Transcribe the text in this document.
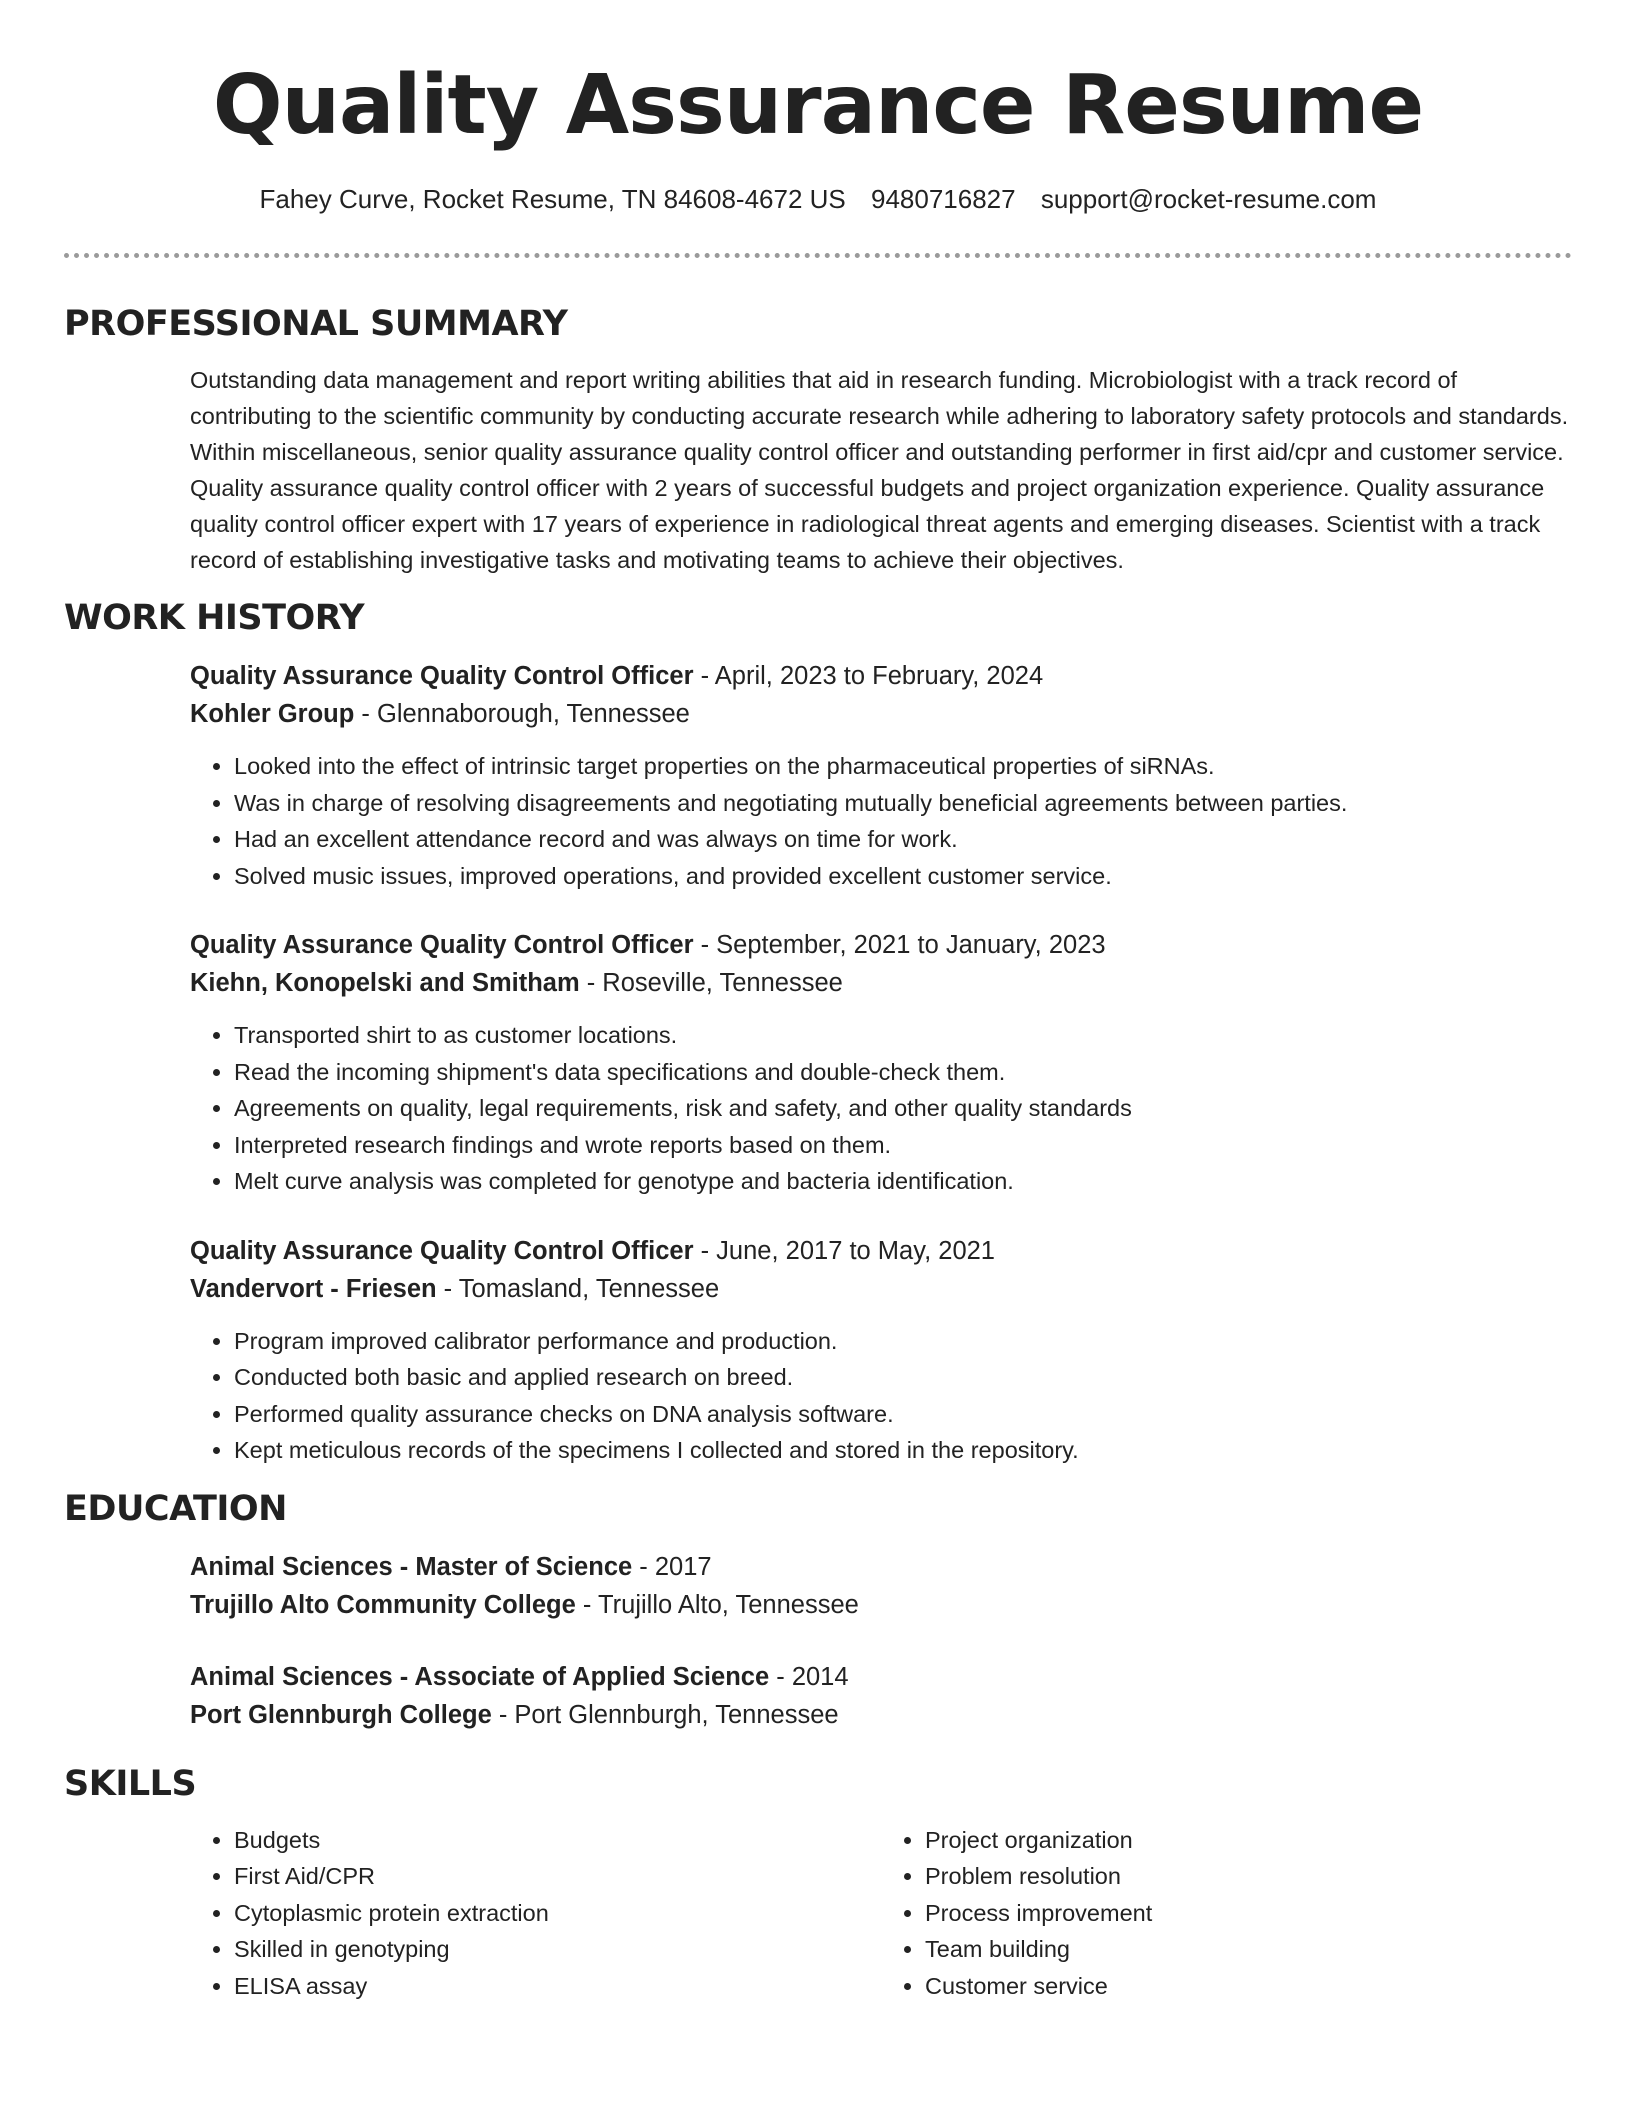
Quality Assurance Resume
Fahey Curve, Rocket Resume, TN 84608-4672 US 9480716827 support@rocket-resume.com
PROFESSIONAL SUMMARY

Outstanding data management and report writing abilities that aid in research funding. Microbiologist with a track record of contributing to the scientific community by conducting accurate research while adhering to laboratory safety protocols and standards. Within miscellaneous, senior quality assurance quality control officer and outstanding performer in first aid/cpr and customer service. Quality assurance quality control officer with 2 years of successful budgets and project organization experience. Quality assurance quality control officer expert with 17 years of experience in radiological threat agents and emerging diseases. Scientist with a track record of establishing investigative tasks and motivating teams to achieve their objectives.

WORK HISTORY

Quality Assurance Quality Control Officer - April, 2023 to February, 2024

Kohler Group - Glennaborough, Tennessee

• Looked into the effect of intrinsic target properties on the pharmaceutical properties of siRNAs.
• Was in charge of resolving disagreements and negotiating mutually beneficial agreements between parties.
• Had an excellent attendance record and was always on time for work.
• Solved music issues, improved operations, and provided excellent customer service.

Quality Assurance Quality Control Officer - September, 2021 to January, 2023

Kiehn, Konopelski and Smitham - Roseville, Tennessee

• Transported shirt to as customer locations.
• Read the incoming shipment's data specifications and double-check them.
• Agreements on quality, legal requirements, risk and safety, and other quality standards
• Interpreted research findings and wrote reports based on them.
• Melt curve analysis was completed for genotype and bacteria identification.

Quality Assurance Quality Control Officer - June, 2017 to May, 2021

Vandervort - Friesen - Tomasland, Tennessee

• Program improved calibrator performance and production.
• Conducted both basic and applied research on breed.
• Performed quality assurance checks on DNA analysis software.
• Kept meticulous records of the specimens I collected and stored in the repository.
EDUCATION

Animal Sciences - Master of Science - 2017

Trujillo Alto Community College - Trujillo Alto, Tennessee

Animal Sciences - Associate of Applied Science - 2014

Port Glennburgh College - Port Glennburgh, Tennessee

SKILLS
• Budgets
• First Aid/CPR
• Cytoplasmic protein extraction
• Skilled in genotyping
• ELISA assay
• Project organization
• Problem resolution
• Process improvement
• Team building
• Customer service
